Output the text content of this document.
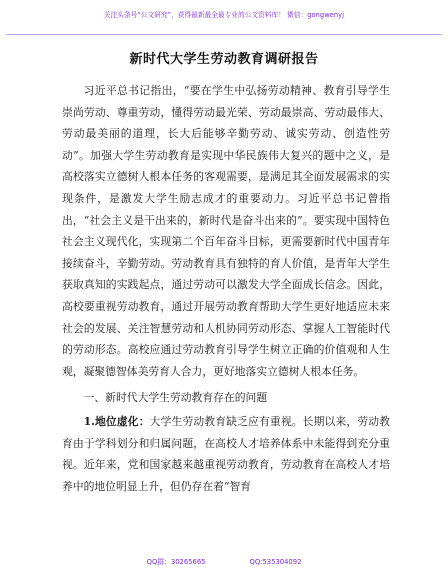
关注头条号“公文研究”，获得最新最全最专业的公文资料库！ 微信：gongwenyj
新时代大学生劳动教育调研报告

习近平总书记指出，“要在学生中弘扬劳动精神、教育引导学生崇尚劳动、尊重劳动，懂得劳动最光荣、劳动最崇高、劳动最伟大、劳动最美丽的道理，长大后能够辛勤劳动、诚实劳动、创造性劳动”。加强大学生劳动教育是实现中华民族伟大复兴的题中之义，是高校落实立德树人根本任务的客观需要，是满足其全面发展需求的实现条件，是激发大学生励志成才的重要动力。习近平总书记曾指出，“社会主义是干出来的，新时代是奋斗出来的”。要实现中国特色社会主义现代化，实现第二个百年奋斗目标，更需要新时代中国青年接续奋斗，辛勤劳动。劳动教育具有独特的育人价值，是青年大学生获取真知的实践起点，通过劳动可以激发大学全面成长信念。因此，高校要重视劳动教育，通过开展劳动教育帮助大学生更好地适应未来社会的发展、关注智慧劳动和人机协同劳动形态、掌握人工智能时代的劳动形态。高校应通过劳动教育引导学生树立正确的价值观和人生观，凝聚德智体美劳育人合力，更好地落实立德树人根本任务。

一、新时代大学生劳动教育存在的问题

1.地位虚化：大学生劳动教育缺乏应有重视。长期以来，劳动教育由于学科划分和归属问题，在高校人才培养体系中未能得到充分重视。近年来，党和国家越来越重视劳动教育，劳动教育在高校人才培养中的地位明显上升，但仍存在着“智育

QQ群：30265665	QQ:535304092
